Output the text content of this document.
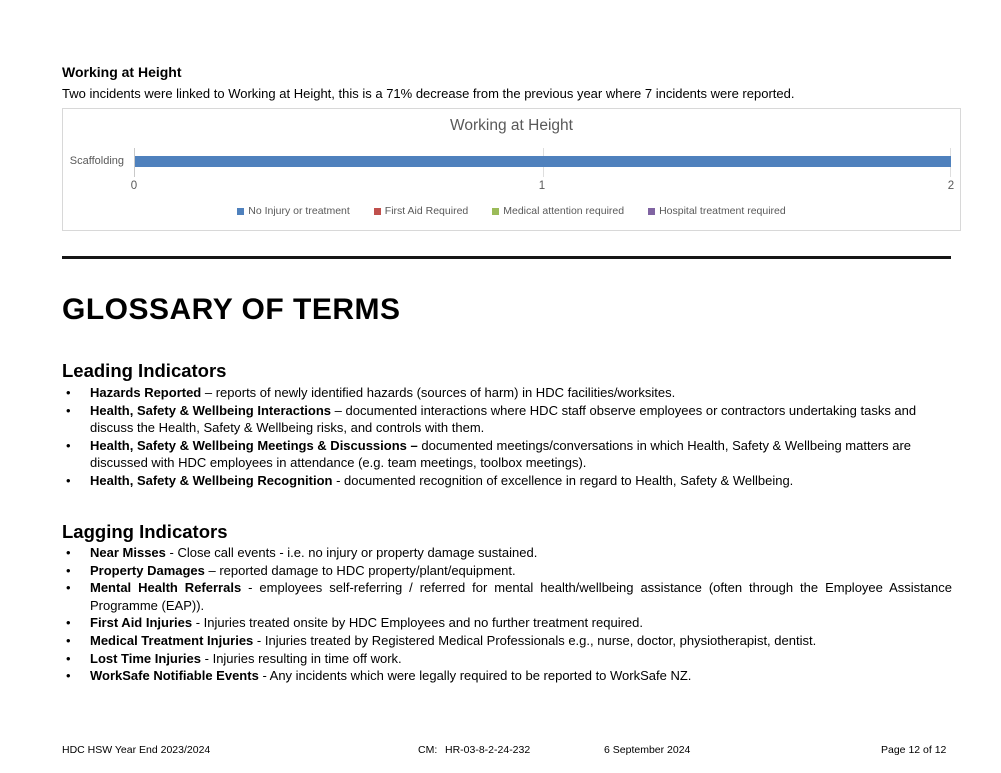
Working at Height
Two incidents were linked to Working at Height, this is a 71% decrease from the previous year where 7 incidents were reported.
Working at Height
Scaffolding
0	1	2
No Injury or treatment	First Aid Required	Medical attention required	Hospital treatment required
GLOSSARY OF TERMS
Leading Indicators
• Hazards Reported – reports of newly identified hazards (sources of harm) in HDC facilities/worksites.
• Health, Safety & Wellbeing Interactions – documented interactions where HDC staff observe employees or contractors undertaking tasks and discuss the Health, Safety & Wellbeing risks, and controls with them.
• Health, Safety & Wellbeing Meetings & Discussions – documented meetings/conversations in which Health, Safety & Wellbeing matters are discussed with HDC employees in attendance (e.g. team meetings, toolbox meetings).
• Health, Safety & Wellbeing Recognition - documented recognition of excellence in regard to Health, Safety & Wellbeing.
Lagging Indicators
• Near Misses - Close call events - i.e. no injury or property damage sustained.
• Property Damages – reported damage to HDC property/plant/equipment.
• Mental Health Referrals - employees self-referring / referred for mental health/wellbeing assistance (often through the Employee Assistance Programme (EAP)).
• First Aid Injuries - Injuries treated onsite by HDC Employees and no further treatment required.
• Medical Treatment Injuries - Injuries treated by Registered Medical Professionals e.g., nurse, doctor, physiotherapist, dentist.
• Lost Time Injuries - Injuries resulting in time off work.
• WorkSafe Notifiable Events - Any incidents which were legally required to be reported to WorkSafe NZ.
HDC HSW Year End 2023/2024	CM: HR-03-8-2-24-232	6 September 2024	Page 12 of 12
